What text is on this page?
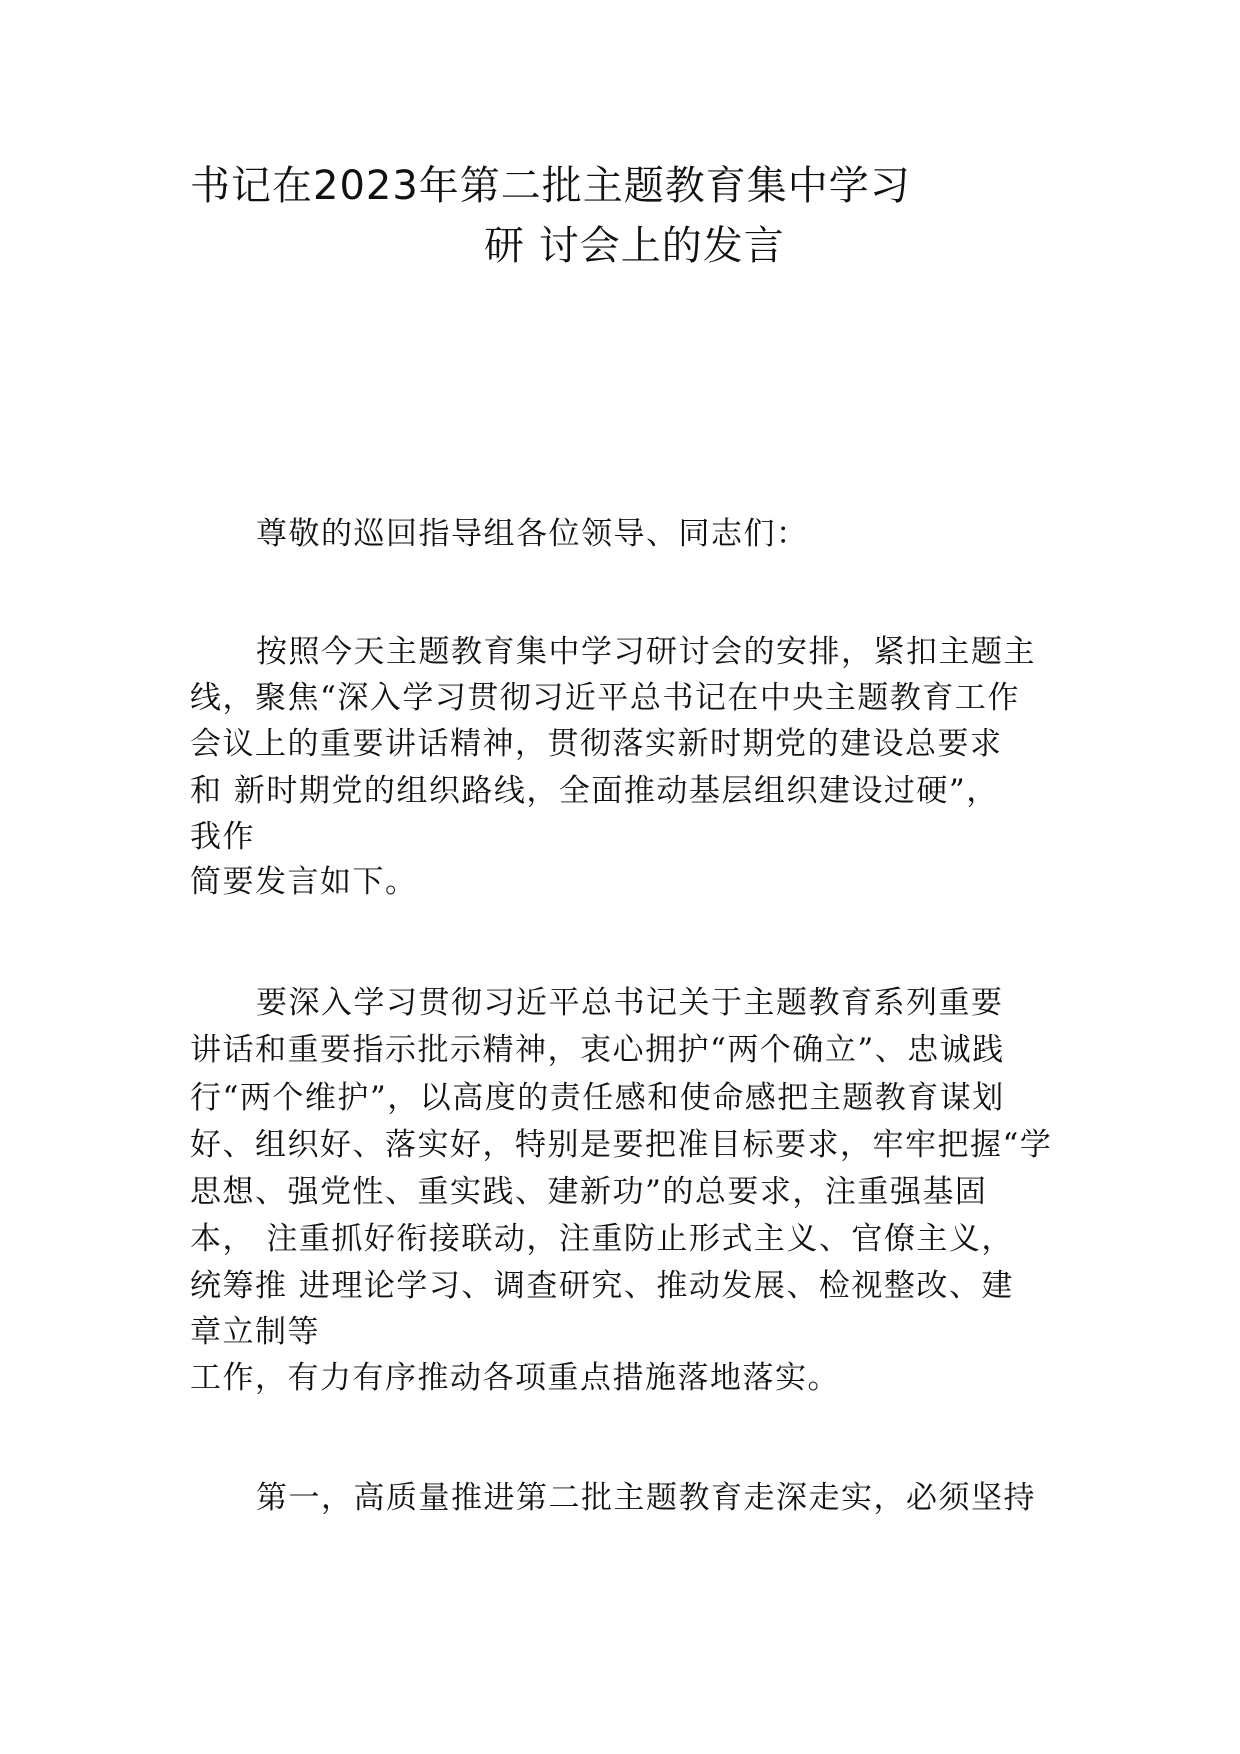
书记在2023年第二批主题教育集中学习
研 讨会上的发言
尊敬的巡回指导组各位领导、同志们：
按照今天主题教育集中学习研讨会的安排，紧扣主题主
线，聚焦“深入学习贯彻习近平总书记在中央主题教育工作
会议上的重要讲话精神，贯彻落实新时期党的建设总要求
和 新时期党的组织路线，全面推动基层组织建设过硬”，
我作
简要发言如下。
要深入学习贯彻习近平总书记关于主题教育系列重要
讲话和重要指示批示精神，衷心拥护“两个确立”、忠诚践
行“两个维护”，以高度的责任感和使命感把主题教育谋划
好、组织好、落实好，特别是要把准目标要求，牢牢把握“学
思想、强党性、重实践、建新功”的总要求，注重强基固
本， 注重抓好衔接联动，注重防止形式主义、官僚主义，
统筹推 进理论学习、调查研究、推动发展、检视整改、建
章立制等
工作，有力有序推动各项重点措施落地落实。
第一，高质量推进第二批主题教育走深走实，必须坚持
